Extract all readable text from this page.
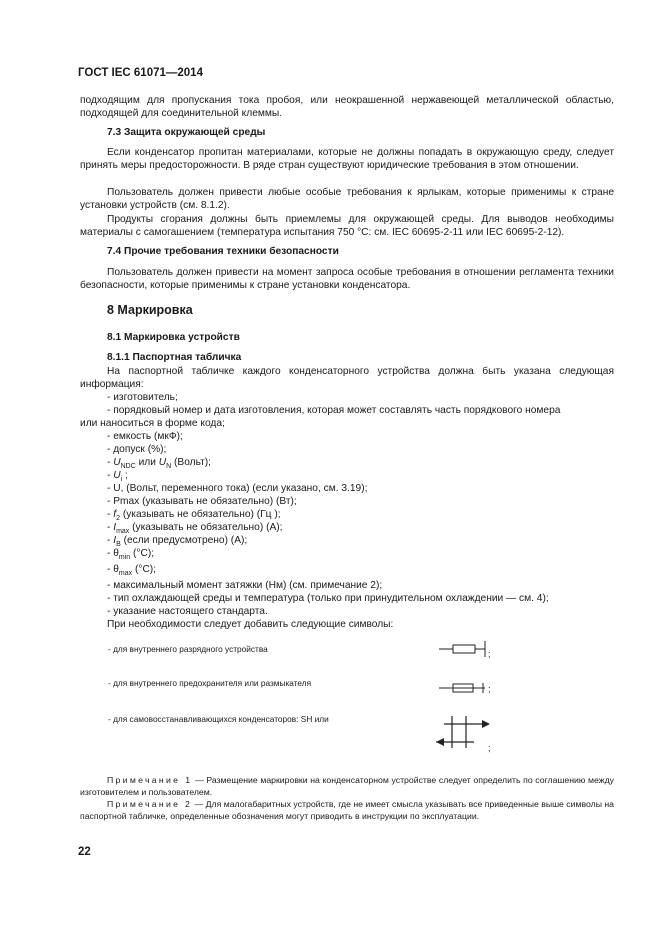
ГОСТ IEC 61071—2014
подходящим для пропускания тока пробоя, или неокрашенной нержавеющей металлической областью, подходящей для соединительной клеммы.
7.3 Защита окружающей среды
Если конденсатор пропитан материалами, которые не должны попадать в окружающую среду, следует принять меры предосторожности. В ряде стран существуют юридические требования в этом отношении.
Пользователь должен привести любые особые требования к ярлыкам, которые применимы к стране установки устройств (см. 8.1.2).
Продукты сгорания должны быть приемлемы для окружающей среды. Для выводов необходимы материалы с самогашением (температура испытания 750 °С: см. IEC 60695-2-11 или IEC 60695-2-12).
7.4 Прочие требования техники безопасности
Пользователь должен привести на момент запроса особые требования в отношении регламента техники безопасности, которые применимы к стране установки конденсатора.
8 Маркировка
8.1 Маркировка устройств
8.1.1 Паспортная табличка
На паспортной табличке каждого конденсаторного устройства должна быть указана следующая информация:
- изготовитель;
- порядковый номер и дата изготовления, которая может составлять часть порядкового номера
или наноситься в форме кода;
- емкость (мкФ);
- допуск (%);
- $U_{NDC}$ или $U_N$ (Вольт);
- $U_i$ ;
- U, (Вольт, переменного тока) (если указано, см. 3.19);
- Pmax (указывать не обязательно) (Вт);
- $f_2$ (указывать не обязательно) (Гц );
- $I_{max}$ (указывать не обязательно) (А);
- $I_B$ (если предусмотрено) (А);
- $\theta_{min}$ (°С);
- $\theta_{max}$ (°С);
- максимальный момент затяжки (Нм) (см. примечание 2);
- тип охлаждающей среды и температура (только при принудительном охлаждении — см. 4);
- указание настоящего стандарта.
При необходимости следует добавить следующие символы:
- для внутреннего разрядного устройства	;
- для внутреннего предохранителя или размыкателя
;
- для самовосстанавливающихся конденсаторов: SH или
;
Примечание 1 — Размещение маркировки на конденсаторном устройстве следует определить по соглашению между изготовителем и пользователем.
Примечание 2 — Для малогабаритных устройств, где не имеет смысла указывать все приведенные выше символы на паспортной табличке, определенные обозначения могут приводить в инструкции по эксплуатации.
22
